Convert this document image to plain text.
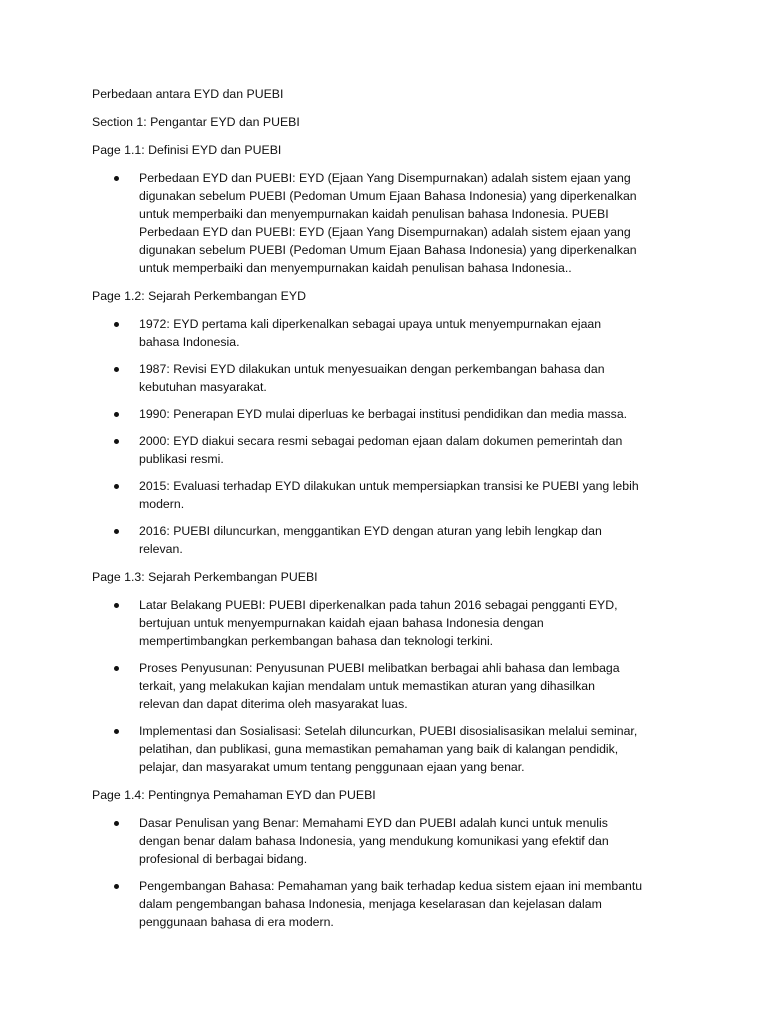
Perbedaan antara EYD dan PUEBI

Section 1: Pengantar EYD dan PUEBI

Page 1.1: Definisi EYD dan PUEBI

Perbedaan EYD dan PUEBI: EYD (Ejaan Yang Disempurnakan) adalah sistem ejaan yang
digunakan sebelum PUEBI (Pedoman Umum Ejaan Bahasa Indonesia) yang diperkenalkan
untuk memperbaiki dan menyempurnakan kaidah penulisan bahasa Indonesia. PUEBI
Perbedaan EYD dan PUEBI: EYD (Ejaan Yang Disempurnakan) adalah sistem ejaan yang
digunakan sebelum PUEBI (Pedoman Umum Ejaan Bahasa Indonesia) yang diperkenalkan
untuk memperbaiki dan menyempurnakan kaidah penulisan bahasa Indonesia..

Page 1.2: Sejarah Perkembangan EYD

1972: EYD pertama kali diperkenalkan sebagai upaya untuk menyempurnakan ejaan
bahasa Indonesia.
1987: Revisi EYD dilakukan untuk menyesuaikan dengan perkembangan bahasa dan
kebutuhan masyarakat.
1990: Penerapan EYD mulai diperluas ke berbagai institusi pendidikan dan media massa.
2000: EYD diakui secara resmi sebagai pedoman ejaan dalam dokumen pemerintah dan
publikasi resmi.
2015: Evaluasi terhadap EYD dilakukan untuk mempersiapkan transisi ke PUEBI yang lebih
modern.
2016: PUEBI diluncurkan, menggantikan EYD dengan aturan yang lebih lengkap dan
relevan.

Page 1.3: Sejarah Perkembangan PUEBI

Latar Belakang PUEBI: PUEBI diperkenalkan pada tahun 2016 sebagai pengganti EYD,
bertujuan untuk menyempurnakan kaidah ejaan bahasa Indonesia dengan
mempertimbangkan perkembangan bahasa dan teknologi terkini.
Proses Penyusunan: Penyusunan PUEBI melibatkan berbagai ahli bahasa dan lembaga
terkait, yang melakukan kajian mendalam untuk memastikan aturan yang dihasilkan
relevan dan dapat diterima oleh masyarakat luas.
Implementasi dan Sosialisasi: Setelah diluncurkan, PUEBI disosialisasikan melalui seminar,
pelatihan, dan publikasi, guna memastikan pemahaman yang baik di kalangan pendidik,
pelajar, dan masyarakat umum tentang penggunaan ejaan yang benar.

Page 1.4: Pentingnya Pemahaman EYD dan PUEBI

Dasar Penulisan yang Benar: Memahami EYD dan PUEBI adalah kunci untuk menulis
dengan benar dalam bahasa Indonesia, yang mendukung komunikasi yang efektif dan
profesional di berbagai bidang.
Pengembangan Bahasa: Pemahaman yang baik terhadap kedua sistem ejaan ini membantu
dalam pengembangan bahasa Indonesia, menjaga keselarasan dan kejelasan dalam
penggunaan bahasa di era modern.
